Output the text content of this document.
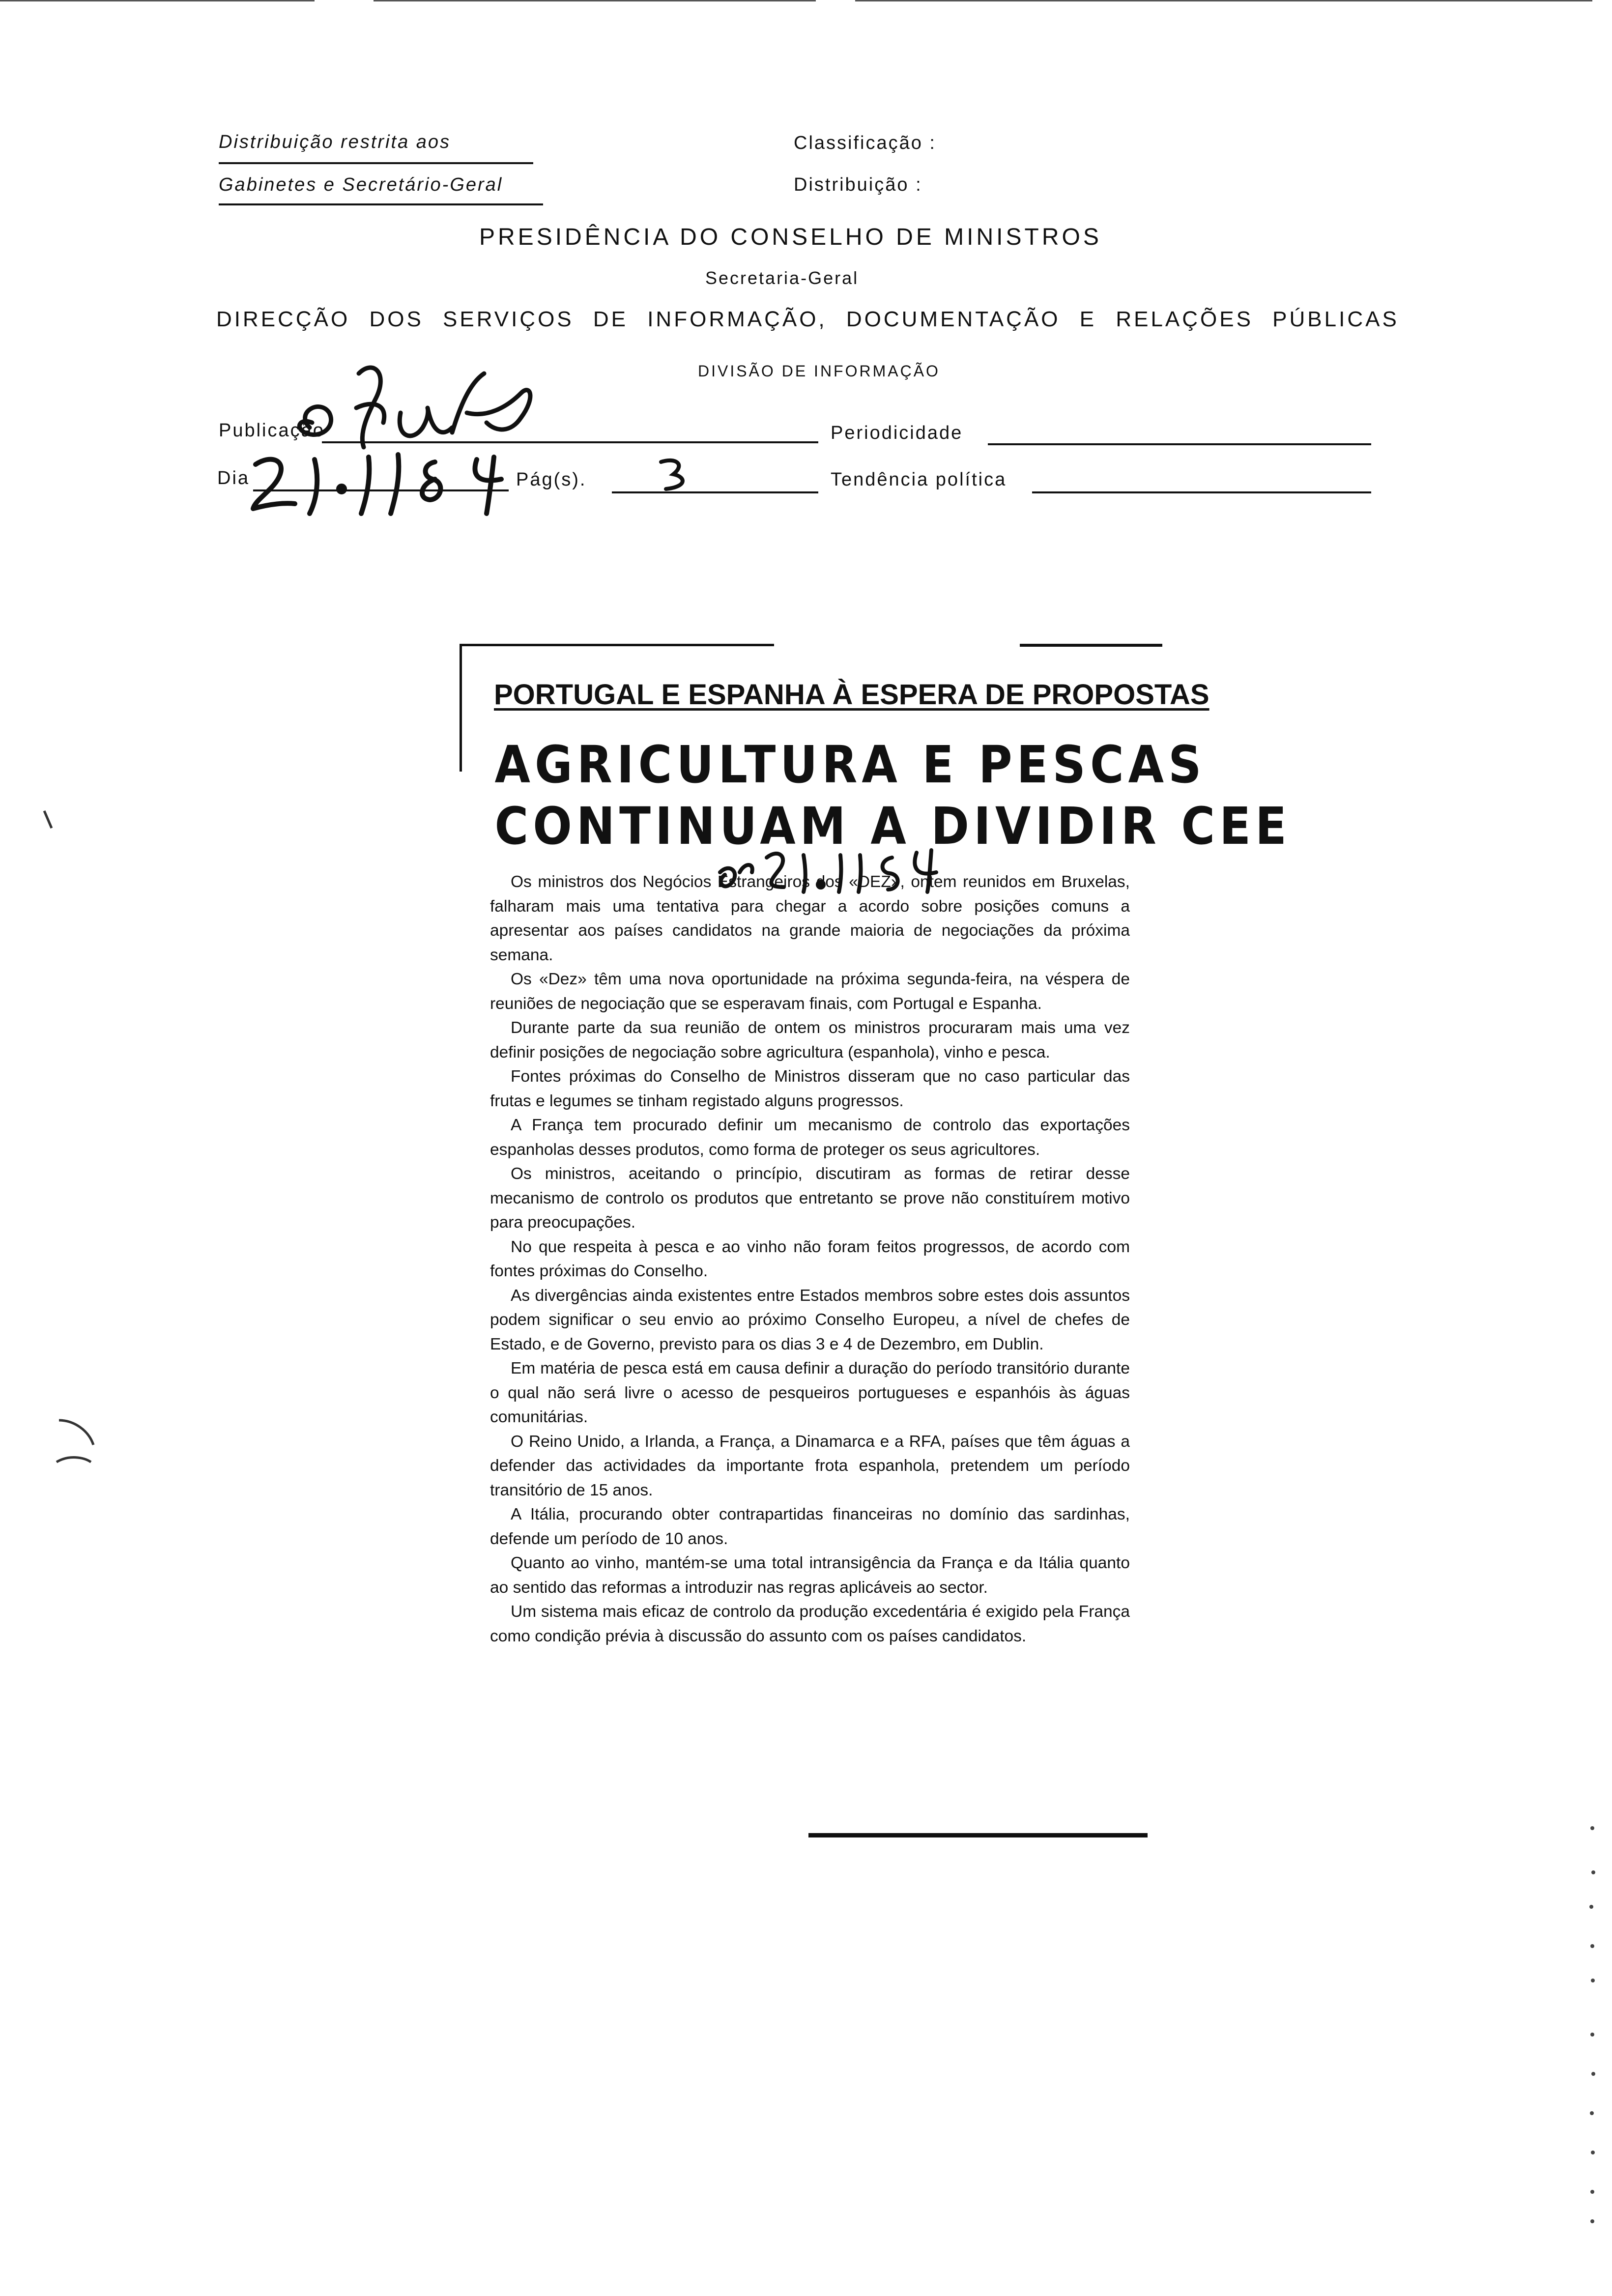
Distribuição restrita aos
Gabinetes e Secretário-Geral
Classificação :
Distribuição :
PRESIDÊNCIA DO CONSELHO DE MINISTROS
Secretaria-Geral
DIRECÇÃO DOS SERVIÇOS DE INFORMAÇÃO, DOCUMENTAÇÃO E RELAÇÕES PÚBLICAS
DIVISÃO DE INFORMAÇÃO
Publicação	Periodicidade
Dia	Pág(s).	Tendência política
PORTUGAL E ESPANHA À ESPERA DE PROPOSTAS
AGRICULTURA E PESCAS
CONTINUAM A DIVIDIR CEE

Os ministros dos Negócios Estrangeiros dos «DEZ», ontem reunidos em Bruxelas, falharam mais uma tentativa para chegar a acordo sobre posições comuns a apresentar aos países candidatos na grande maioria de negociações da próxima semana.

Os «Dez» têm uma nova oportunidade na próxima segunda-feira, na véspera de reuniões de negociação que se esperavam finais, com Portugal e Espanha.

Durante parte da sua reunião de ontem os ministros procuraram mais uma vez definir posições de negociação sobre agricultura (espanhola), vinho e pesca.

Fontes próximas do Conselho de Ministros disseram que no caso particular das frutas e legumes se tinham registado alguns progressos.

A França tem procurado definir um mecanismo de controlo das exportações espanholas desses produtos, como forma de proteger os seus agricultores.

Os ministros, aceitando o princípio, discutiram as formas de retirar desse mecanismo de controlo os produtos que entretanto se prove não constituírem motivo para preocupações.

No que respeita à pesca e ao vinho não foram feitos progressos, de acordo com fontes próximas do Conselho.

As divergências ainda existentes entre Estados membros sobre estes dois assuntos podem significar o seu envio ao próximo Conselho Europeu, a nível de chefes de Estado, e de Governo, previsto para os dias 3 e 4 de Dezembro, em Dublin.

Em matéria de pesca está em causa definir a duração do período transitório durante o qual não será livre o acesso de pesqueiros portugueses e espanhóis às águas comunitárias.

O Reino Unido, a Irlanda, a França, a Dinamarca e a RFA, países que têm águas a defender das actividades da importante frota espanhola, pretendem um período transitório de 15 anos.

A Itália, procurando obter contrapartidas financeiras no domínio das sardinhas, defende um período de 10 anos.

Quanto ao vinho, mantém-se uma total intransigência da França e da Itália quanto ao sentido das reformas a introduzir nas regras aplicáveis ao sector.

Um sistema mais eficaz de controlo da produção excedentária é exigido pela França como condição prévia à discussão do assunto com os países candidatos.
